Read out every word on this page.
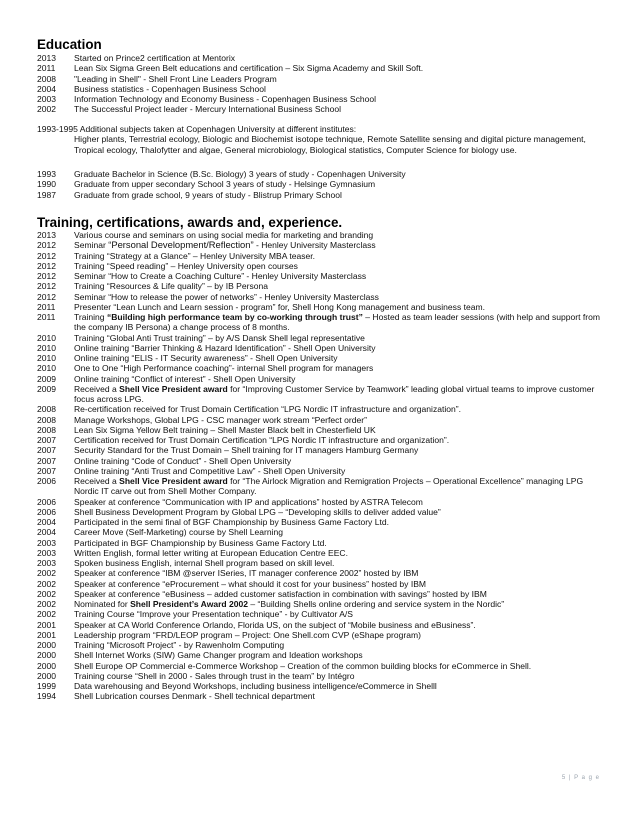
Education
2013	Started on Prince2 certification at Mentorix
2011	Lean Six Sigma Green Belt educations and certification – Six Sigma Academy and Skill Soft.
2008	"Leading in Shell" - Shell Front Line Leaders Program
2004	Business statistics - Copenhagen Business School
2003	Information Technology and Economy Business - Copenhagen Business School
2002	The Successful Project leader - Mercury International Business School
1993-1995 Additional subjects taken at Copenhagen University at different institutes:
Higher plants, Terrestrial ecology, Biologic and Biochemist isotope technique, Remote Satellite sensing and digital picture management, Tropical ecology, Thalofytter and algae, General microbiology, Biological statistics, Computer Science for biology use.
1993	Graduate Bachelor in Science (B.Sc. Biology) 3 years of study - Copenhagen University
1990	Graduate from upper secondary School 3 years of study - Helsinge Gymnasium
1987	Graduate from grade school, 9 years of study - Blistrup Primary School
Training, certifications, awards and, experience.
2013	Various course and seminars on using social media for marketing and branding
2012	Seminar “Personal Development/Reflection” - Henley University Masterclass
2012	Training “Strategy at a Glance” – Henley University MBA teaser.
2012	Training “Speed reading” – Henley University open courses
2012	Seminar “How to Create a Coaching Culture” - Henley University Masterclass
2012	Training “Resources & Life quality” – by IB Persona
2012	Seminar “How to release the power of networks” - Henley University Masterclass
2011	Presenter “Lean Lunch and Learn session - program” for, Shell Hong Kong management and business team.
2011	Training “Building high performance team by co-working through trust” – Hosted as team leader sessions (with help and support from the company IB Persona) a change process of 8 months.
2010	Training “Global Anti Trust training” – by A/S Dansk Shell legal representative
2010	Online training “Barrier Thinking & Hazard Identification” - Shell Open University
2010	Online training “ELIS - IT Security awareness” - Shell Open University
2010	One to One “High Performance coaching”- internal Shell program for managers
2009	Online training “Conflict of interest” - Shell Open University
2009	Received a Shell Vice President award for “Improving Customer Service by Teamwork” leading global virtual teams to improve customer focus across LPG.
2008	Re-certification received for Trust Domain Certification “LPG Nordic IT infrastructure and organization”.
2008	Manage Workshops, Global LPG - CSC manager work stream “Perfect order”
2008	Lean Six Sigma Yellow Belt training – Shell Master Black belt in Chesterfield UK
2007	Certification received for Trust Domain Certification “LPG Nordic IT infrastructure and organization”.
2007	Security Standard for the Trust Domain – Shell training for IT managers Hamburg Germany
2007	Online training “Code of Conduct” - Shell Open University
2007	Online training “Anti Trust and Competitive Law” - Shell Open University
2006	Received a Shell Vice President award for “The Airlock Migration and Remigration Projects – Operational Excellence” managing LPG Nordic IT carve out from Shell Mother Company.
2006	Speaker at conference “Communication with IP and applications” hosted by ASTRA Telecom
2006	Shell Business Development Program by Global LPG – “Developing skills to deliver added value”
2004	Participated in the semi final of BGF Championship by Business Game Factory Ltd.
2004	Career Move (Self-Marketing) course by Shell Learning
2003	Participated in BGF Championship by Business Game Factory Ltd.
2003	Written English, formal letter writing at European Education Centre EEC.
2003	Spoken business English, internal Shell program based on skill level.
2002	Speaker at conference “IBM @server ISeries, IT manager conference 2002” hosted by IBM
2002	Speaker at conference “eProcurement – what should it cost for your business” hosted by IBM
2002	Speaker at conference “eBusiness – added customer satisfaction in combination with savings” hosted by IBM
2002	Nominated for Shell President’s Award 2002 – “Building Shells online ordering and service system in the Nordic”
2002	Training Course “Improve your Presentation technique” - by Cultivator A/S
2001	Speaker at CA World Conference Orlando, Florida US, on the subject of “Mobile business and eBusiness”.
2001	Leadership program “FRD/LEOP program – Project: One Shell.com CVP (eShape program)
2000	Training “Microsoft Project” - by Rawenholm Computing
2000	Shell Internet Works (SIW) Game Changer program and Ideation workshops
2000	Shell Europe OP Commercial e-Commerce Workshop – Creation of the common building blocks for eCommerce in Shell.
2000	Training course “Shell in 2000 - Sales through trust in the team” by Intégro
1999	Data warehousing and Beyond Workshops, including business intelligence/eCommerce in Shelll
1994	Shell Lubrication courses Denmark - Shell technical department
5 | P a g e
